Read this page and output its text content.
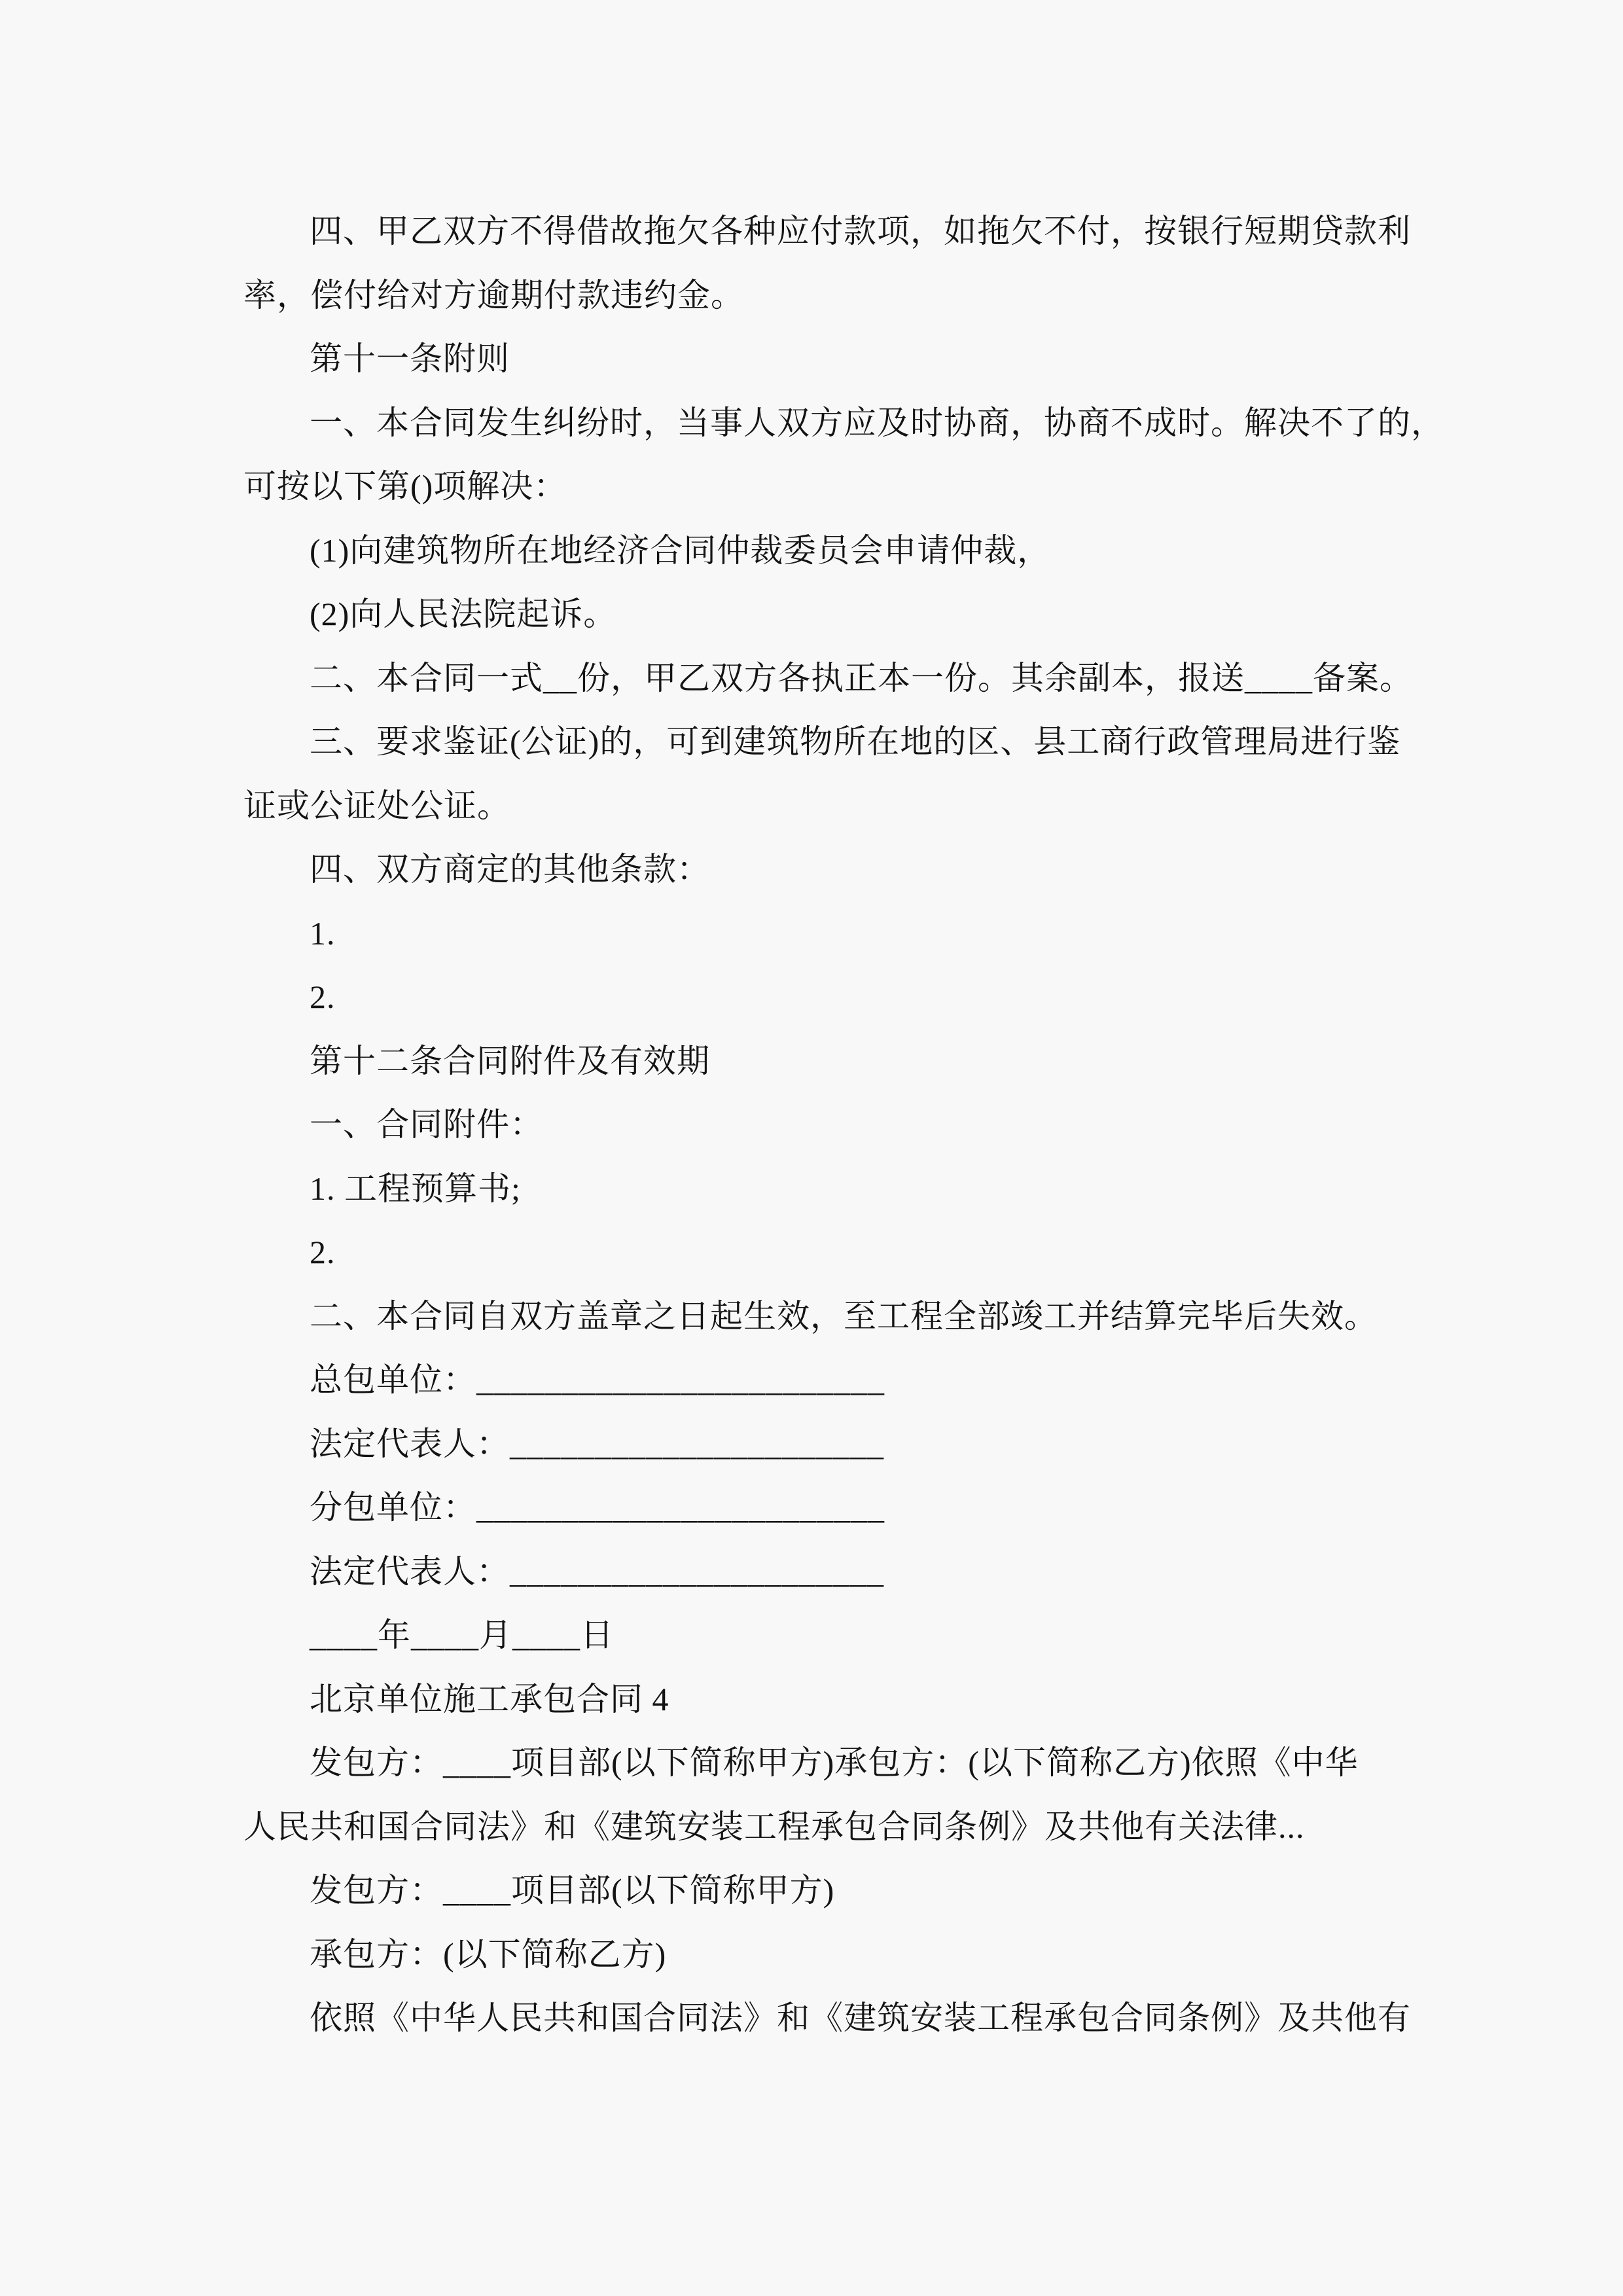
四、甲乙双方不得借故拖欠各种应付款项，如拖欠不付，按银行短期贷款利
率，偿付给对方逾期付款违约金。
第十一条附则
一、本合同发生纠纷时，当事人双方应及时协商，协商不成时。解决不了的，
可按以下第()项解决：
(1)向建筑物所在地经济合同仲裁委员会申请仲裁，
(2)向人民法院起诉。
二、本合同一式__份，甲乙双方各执正本一份。其余副本，报送____备案。
三、要求鉴证(公证)的，可到建筑物所在地的区、县工商行政管理局进行鉴
证或公证处公证。
四、双方商定的其他条款：
1.
2.
第十二条合同附件及有效期
一、合同附件：
1. 工程预算书;
2.
二、本合同自双方盖章之日起生效，至工程全部竣工并结算完毕后失效。
总包单位：________________________
法定代表人：______________________
分包单位：________________________
法定代表人：______________________
____年____月____日
北京单位施工承包合同 4
发包方：____项目部(以下简称甲方)承包方：(以下简称乙方)依照《中华
人民共和国合同法》和《建筑安装工程承包合同条例》及共他有关法律...
发包方：____项目部(以下简称甲方)
承包方：(以下简称乙方)
依照《中华人民共和国合同法》和《建筑安装工程承包合同条例》及共他有
